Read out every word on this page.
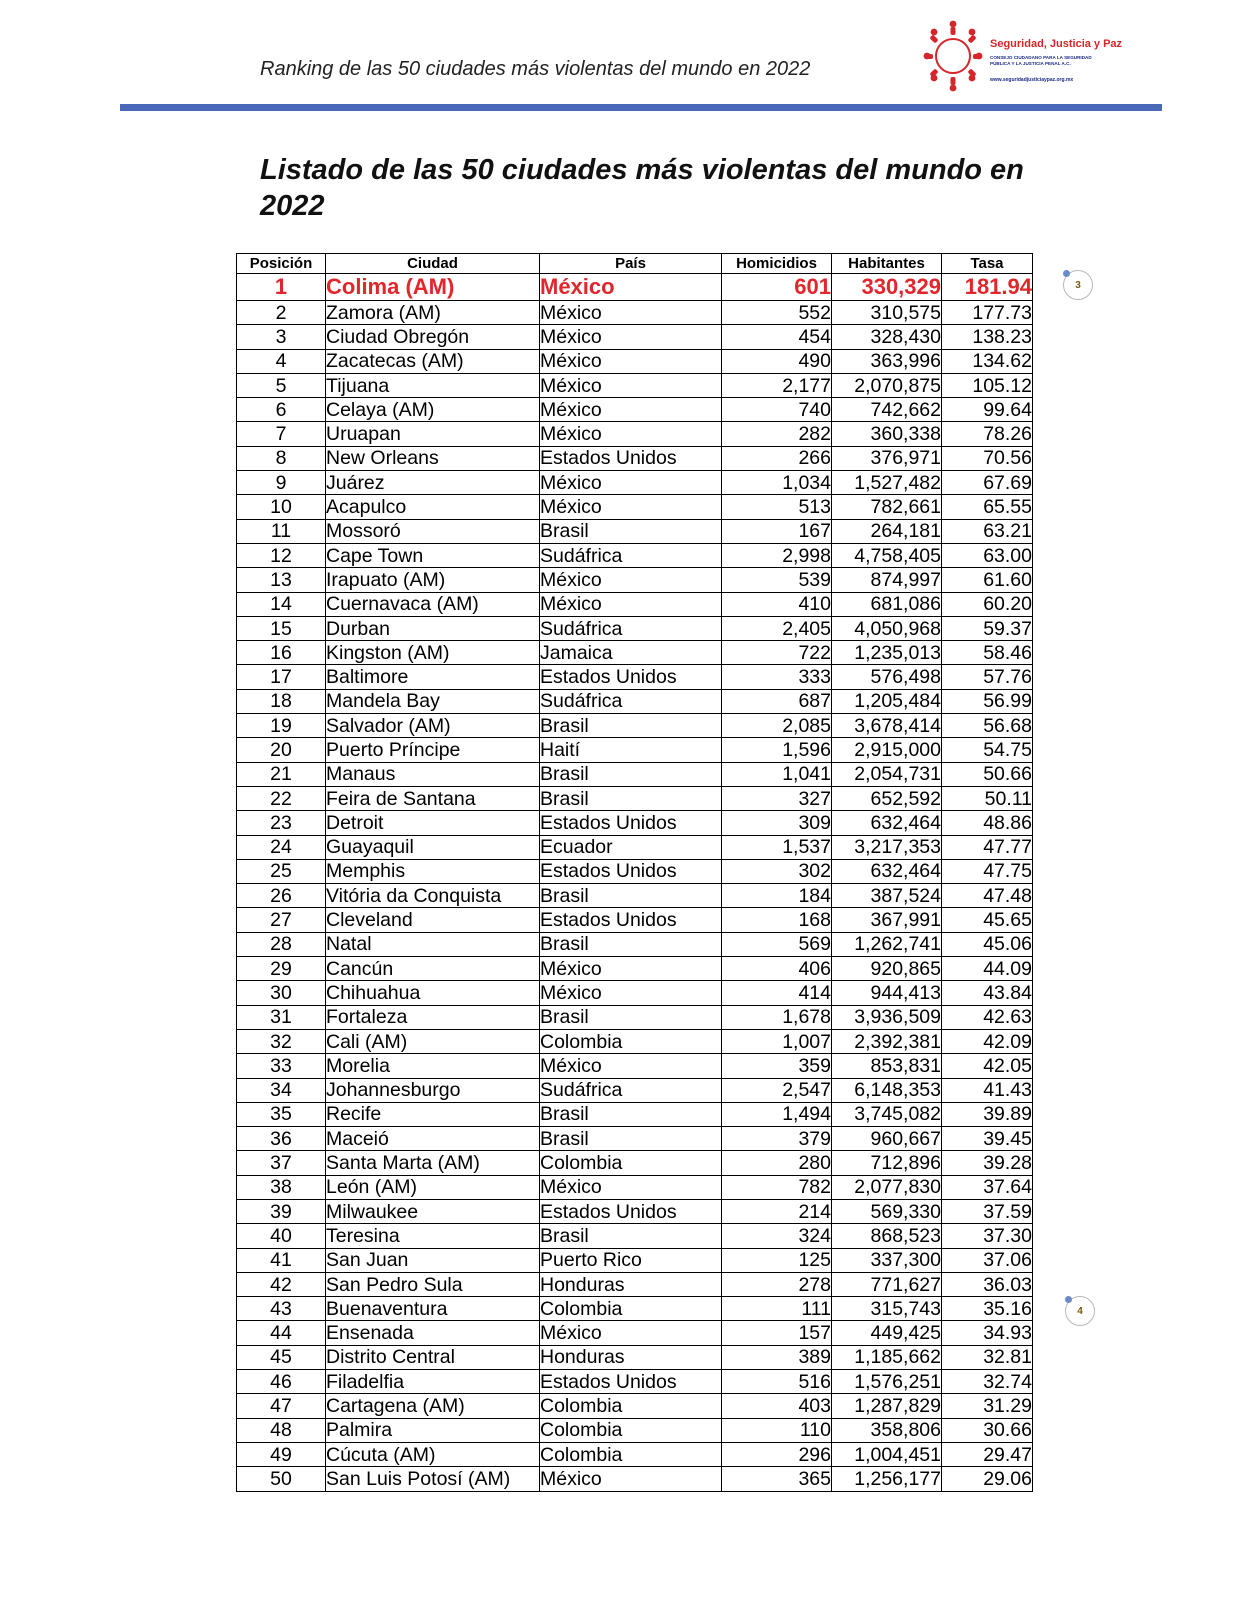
Ranking de las 50 ciudades más violentas del mundo en 2022
Seguridad, Justicia y Paz
CONSEJO CIUDADANO PARA LA SEGURIDAD PÚBLICA Y LA JUSTICIA PENAL A.C.
www.seguridadjusticiaypaz.org.mx
Listado de las 50 ciudades más violentas del mundo en 2022
Posición	Ciudad	País	Homicidios	Habitantes	Tasa
1	Colima (AM)	México	601	330,329	181.94
2	Zamora (AM)	México	552	310,575	177.73
3	Ciudad Obregón	México	454	328,430	138.23
4	Zacatecas (AM)	México	490	363,996	134.62
5	Tijuana	México	2,177	2,070,875	105.12
6	Celaya (AM)	México	740	742,662	99.64
7	Uruapan	México	282	360,338	78.26
8	New Orleans	Estados Unidos	266	376,971	70.56
9	Juárez	México	1,034	1,527,482	67.69
10	Acapulco	México	513	782,661	65.55
11	Mossoró	Brasil	167	264,181	63.21
12	Cape Town	Sudáfrica	2,998	4,758,405	63.00
13	Irapuato (AM)	México	539	874,997	61.60
14	Cuernavaca (AM)	México	410	681,086	60.20
15	Durban	Sudáfrica	2,405	4,050,968	59.37
16	Kingston (AM)	Jamaica	722	1,235,013	58.46
17	Baltimore	Estados Unidos	333	576,498	57.76
18	Mandela Bay	Sudáfrica	687	1,205,484	56.99
19	Salvador (AM)	Brasil	2,085	3,678,414	56.68
20	Puerto Príncipe	Haití	1,596	2,915,000	54.75
21	Manaus	Brasil	1,041	2,054,731	50.66
22	Feira de Santana	Brasil	327	652,592	50.11
23	Detroit	Estados Unidos	309	632,464	48.86
24	Guayaquil	Ecuador	1,537	3,217,353	47.77
25	Memphis	Estados Unidos	302	632,464	47.75
26	Vitória da Conquista	Brasil	184	387,524	47.48
27	Cleveland	Estados Unidos	168	367,991	45.65
28	Natal	Brasil	569	1,262,741	45.06
29	Cancún	México	406	920,865	44.09
30	Chihuahua	México	414	944,413	43.84
31	Fortaleza	Brasil	1,678	3,936,509	42.63
32	Cali (AM)	Colombia	1,007	2,392,381	42.09
33	Morelia	México	359	853,831	42.05
34	Johannesburgo	Sudáfrica	2,547	6,148,353	41.43
35	Recife	Brasil	1,494	3,745,082	39.89
36	Maceió	Brasil	379	960,667	39.45
37	Santa Marta (AM)	Colombia	280	712,896	39.28
38	León (AM)	México	782	2,077,830	37.64
39	Milwaukee	Estados Unidos	214	569,330	37.59
40	Teresina	Brasil	324	868,523	37.30
41	San Juan	Puerto Rico	125	337,300	37.06
42	San Pedro Sula	Honduras	278	771,627	36.03
43	Buenaventura	Colombia	111	315,743	35.16
44	Ensenada	México	157	449,425	34.93
45	Distrito Central	Honduras	389	1,185,662	32.81
46	Filadelfia	Estados Unidos	516	1,576,251	32.74
47	Cartagena (AM)	Colombia	403	1,287,829	31.29
48	Palmira	Colombia	110	358,806	30.66
49	Cúcuta (AM)	Colombia	296	1,004,451	29.47
50	San Luis Potosí (AM)	México	365	1,256,177	29.06
3
4
